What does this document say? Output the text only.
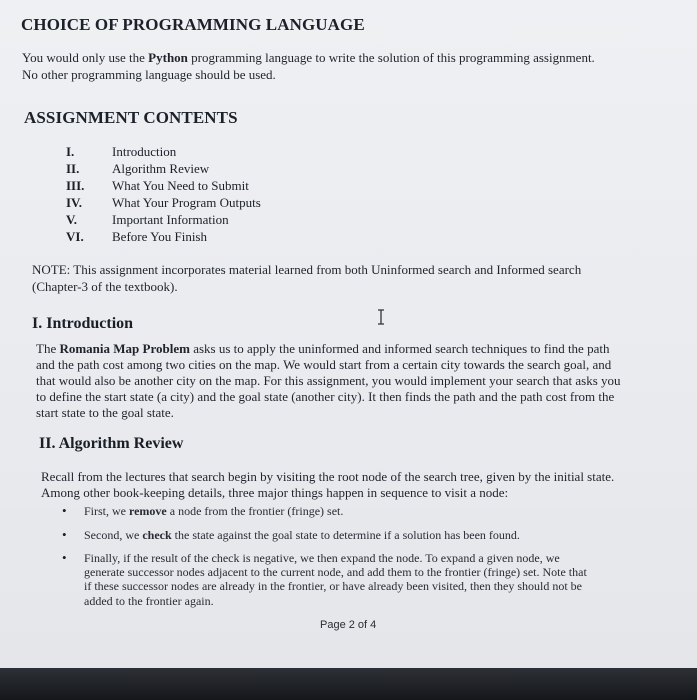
CHOICE OF PROGRAMMING LANGUAGE
You would only use the Python programming language to write the solution of this programming assignment.
No other programming language should be used.
ASSIGNMENT CONTENTS
I.	Introduction
II.	Algorithm Review
III. What You Need to Submit
IV. What Your Program Outputs
V.	Important Information
VI. Before You Finish
NOTE: This assignment incorporates material learned from both Uninformed search and Informed search
(Chapter-3 of the textbook).
I. Introduction
The Romania Map Problem asks us to apply the uninformed and informed search techniques to find the path
and the path cost among two cities on the map. We would start from a certain city towards the search goal, and
that would also be another city on the map. For this assignment, you would implement your search that asks you
to define the start state (a city) and the goal state (another city). It then finds the path and the path cost from the
start state to the goal state.
II. Algorithm Review
Recall from the lectures that search begin by visiting the root node of the search tree, given by the initial state.
Among other book-keeping details, three major things happen in sequence to visit a node:
• First, we remove a node from the frontier (fringe) set.
• Second, we check the state against the goal state to determine if a solution has been found.
• Finally, if the result of the check is negative, we then expand the node. To expand a given node, we
generate successor nodes adjacent to the current node, and add them to the frontier (fringe) set. Note that
if these successor nodes are already in the frontier, or have already been visited, then they should not be
added to the frontier again.
Page 2 of 4
